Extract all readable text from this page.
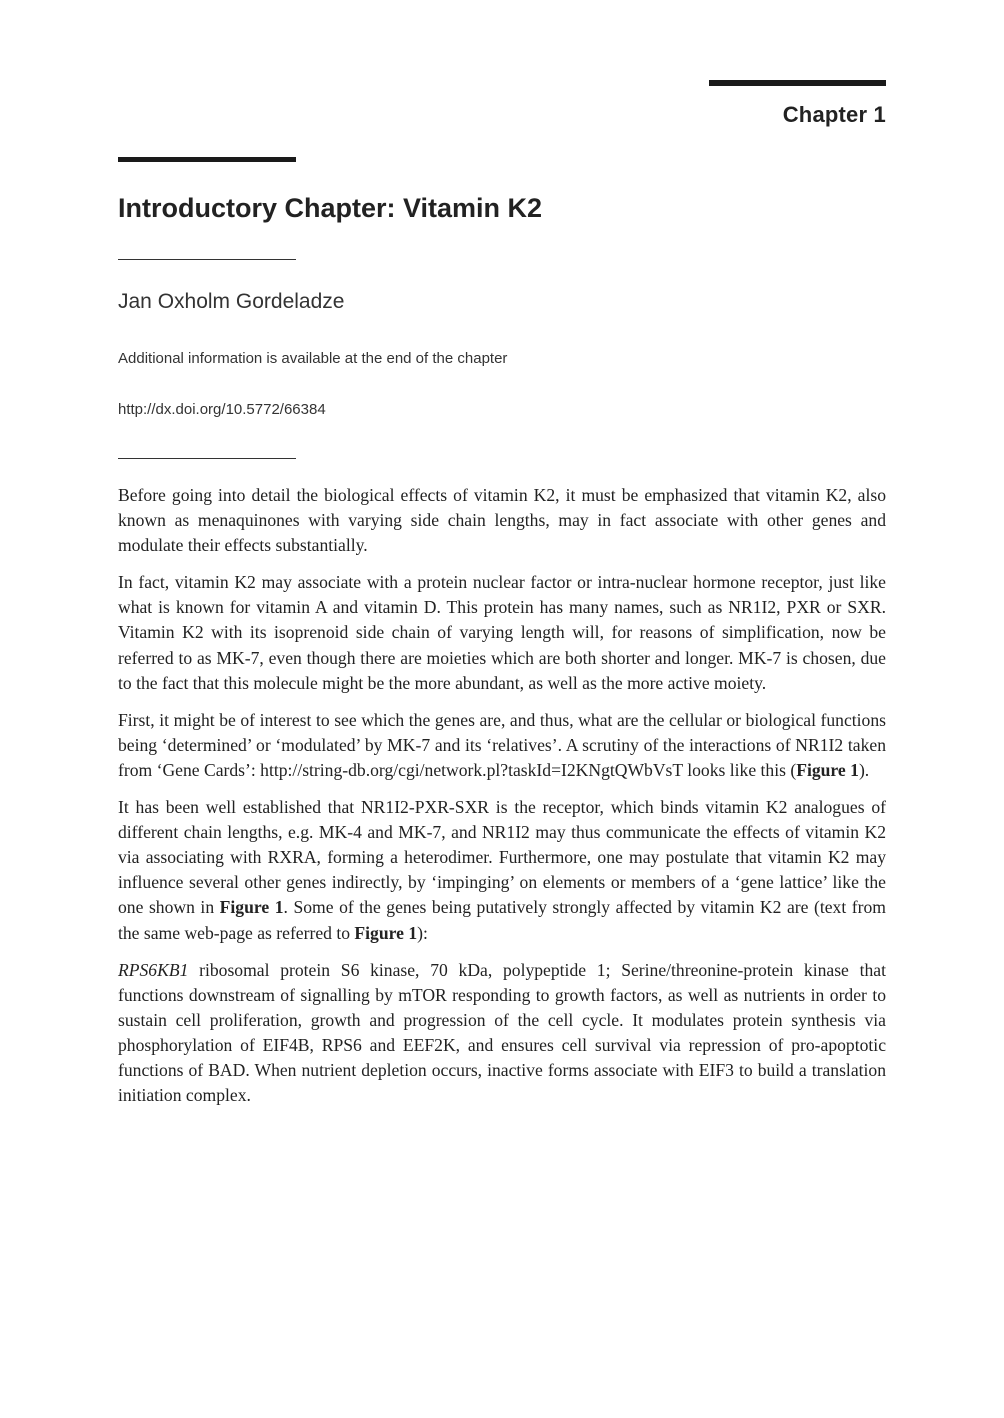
Chapter 1
Introductory Chapter: Vitamin K2
Jan Oxholm Gordeladze
Additional information is available at the end of the chapter
http://dx.doi.org/10.5772/66384

Before going into detail the biological effects of vitamin K2, it must be emphasized that vitamin K2, also known as menaquinones with varying side chain lengths, may in fact associate with other genes and modulate their effects substantially.

In fact, vitamin K2 may associate with a protein nuclear factor or intra-nuclear hormone receptor, just like what is known for vitamin A and vitamin D. This protein has many names, such as NR1I2, PXR or SXR. Vitamin K2 with its isoprenoid side chain of varying length will, for reasons of simplification, now be referred to as MK-7, even though there are moieties which are both shorter and longer. MK-7 is chosen, due to the fact that this molecule might be the more abundant, as well as the more active moiety.

First, it might be of interest to see which the genes are, and thus, what are the cellular or biological functions being ‘determined’ or ‘modulated’ by MK-7 and its ‘relatives’. A scrutiny of the interactions of NR1I2 taken from ‘Gene Cards’: http://string-db.org/cgi/network.pl?taskId=I2KNgtQWbVsT looks like this (Figure 1).

It has been well established that NR1I2-PXR-SXR is the receptor, which binds vitamin K2 analogues of different chain lengths, e.g. MK-4 and MK-7, and NR1I2 may thus communicate the effects of vitamin K2 via associating with RXRA, forming a heterodimer. Furthermore, one may postulate that vitamin K2 may influence several other genes indirectly, by ‘impinging’ on elements or members of a ‘gene lattice’ like the one shown in Figure 1. Some of the genes being putatively strongly affected by vitamin K2 are (text from the same web-page as referred to Figure 1):

RPS6KB1 ribosomal protein S6 kinase, 70 kDa, polypeptide 1; Serine/threonine-protein kinase that functions downstream of signalling by mTOR responding to growth factors, as well as nutrients in order to sustain cell proliferation, growth and progression of the cell cycle. It modulates protein synthesis via phosphorylation of EIF4B, RPS6 and EEF2K, and ensures cell survival via repression of pro-apoptotic functions of BAD. When nutrient depletion occurs, inactive forms associate with EIF3 to build a translation initiation complex.
